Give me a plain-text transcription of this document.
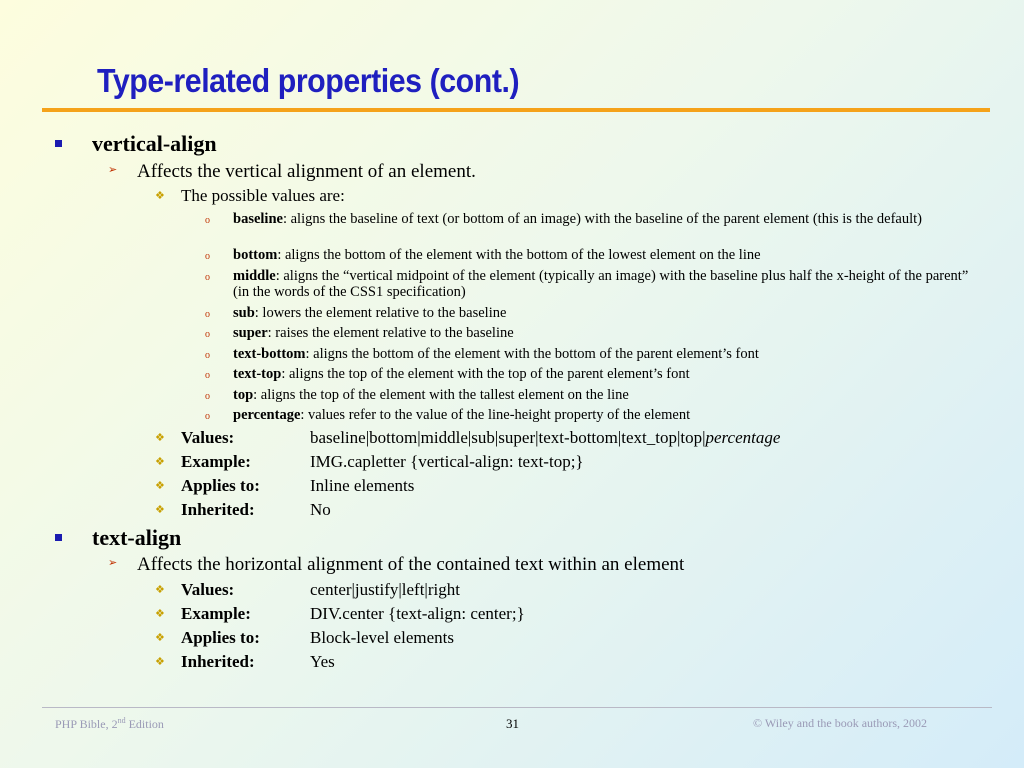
Type-related properties (cont.)
vertical-align
➢ Affects the vertical alignment of an element.
❖ The possible values are:
o baseline: aligns the baseline of text (or bottom of an image) with the baseline of the parent element (this is the default)
o bottom: aligns the bottom of the element with the bottom of the lowest element on the line
o middle: aligns the “vertical midpoint of the element (typically an image) with the baseline plus half the x-height of the parent” (in the words of the CSS1 specification)
o sub: lowers the element relative to the baseline
o super: raises the element relative to the baseline
o text-bottom: aligns the bottom of the element with the bottom of the parent element’s font
o text-top: aligns the top of the element with the top of the parent element’s font
o top: aligns the top of the element with the tallest element on the line
o percentage: values refer to the value of the line-height property of the element
❖ Values:	baseline|bottom|middle|sub|super|text-bottom|text_top|top|percentage
❖ Example:	IMG.capletter {vertical-align: text-top;}
❖ Applies to:	Inline elements
❖ Inherited:	No
text-align
➢ Affects the horizontal alignment of the contained text within an element
❖ Values:	center|justify|left|right
❖ Example:	DIV.center {text-align: center;}
❖ Applies to:	Block-level elements
❖ Inherited:	Yes
PHP Bible, 2nd Edition	31	© Wiley and the book authors, 2002
